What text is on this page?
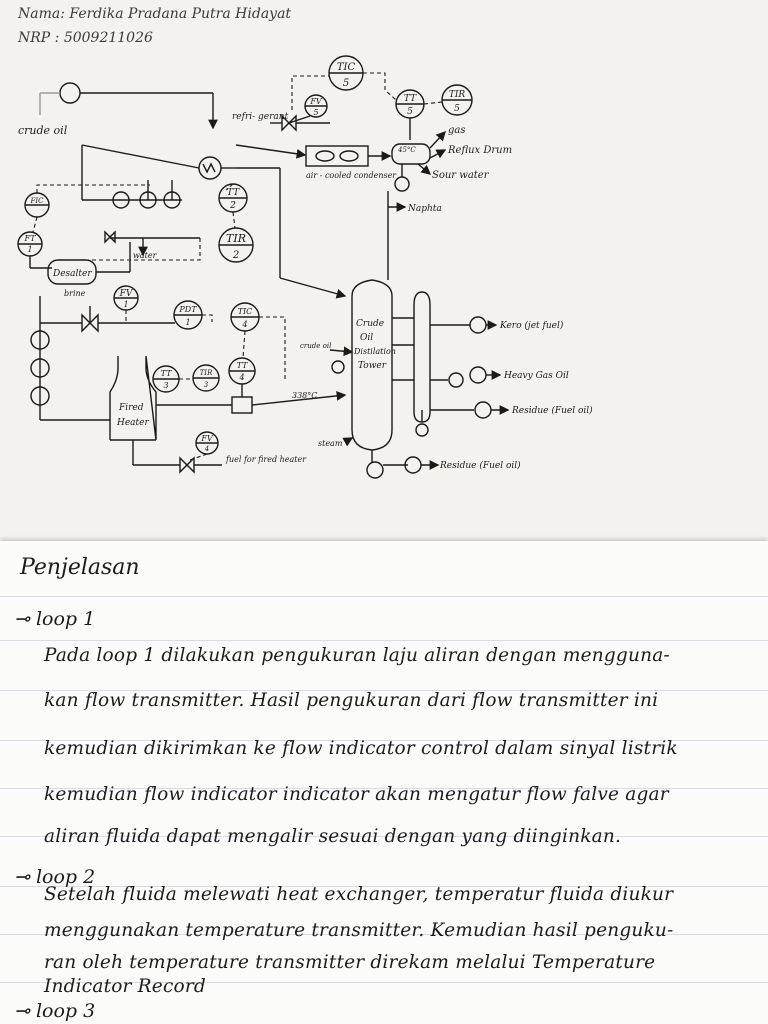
Nama: Ferdika Pradana Putra Hidayat
NRP : 5009211026
crude oil
refri- gerant
FV
5
TIC
5
TT
5
TIR
5
45°C
gas
Reflux Drum
Sour water
air - cooled condenser
Naphta
FIC
FT
1
TT
2
TIR
2
water
Desalter
brine	FV
1
PDT
1
TIC
4
TT
3
TIR
3
TT
4
Fired
Heater
338°C
FV
4
fuel for fired heater
steam
Crude
Oil
Distilation
Tower
crude oil
Kero (jet fuel)
Heavy Gas Oil
Residue (Fuel oil)
Residue (Fuel oil)
Penjelasan
⊸ loop 1
Pada loop 1 dilakukan pengukuran laju aliran dengan mengguna-
kan flow transmitter. Hasil pengukuran dari flow transmitter ini
kemudian dikirimkan ke flow indicator control dalam sinyal listrik
kemudian flow indicator indicator akan mengatur flow falve agar
aliran fluida dapat mengalir sesuai dengan yang diinginkan.
⊸ loop 2
Setelah fluida melewati heat exchanger, temperatur fluida diukur
menggunakan temperature transmitter. Kemudian hasil penguku-
ran oleh temperature transmitter direkam melalui Temperature
Indicator Record
⊸ loop 3
